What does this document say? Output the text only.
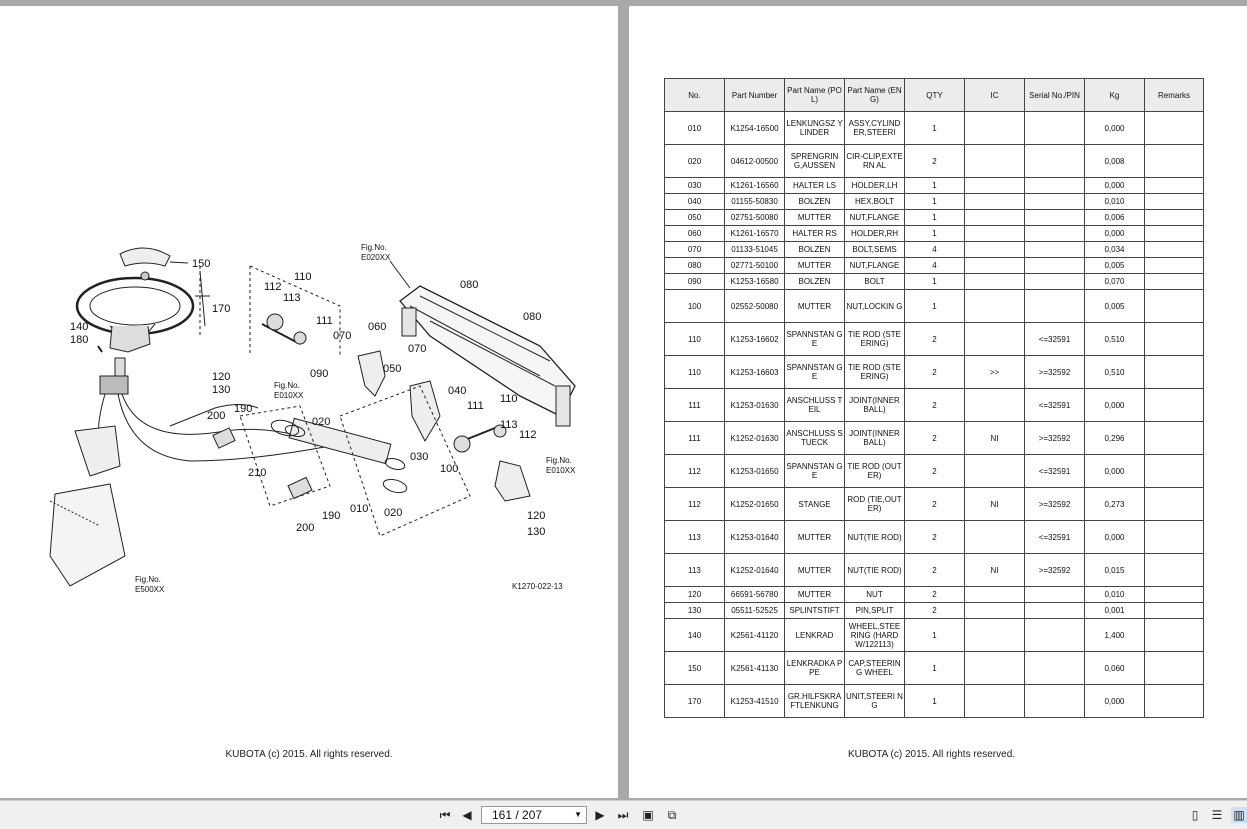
150
170
140
180
110
112
113
111
070
060
080
080
090	050
070
120
130
200
190
020
040
111
110
113
112
030
100
210
200
190
010 020	120
130
Fig.No.
E020XX
Fig.No.
E010XX
Fig.No.
E010XX
Fig.No.
E500XX	K1270-022-13
KUBOTA (c) 2015. All rights reserved.
No.	Part Number	Part Name (POL)	Part Name (ENG)	QTY	IC	Serial No./PIN	Kg	Remarks
010	K1254-16500	LENKUNGSZ YLINDER	ASSY,CYLIND ER,STEERI	1			0,000	
020	04612-00500	SPRENGRIN G,AUSSEN	CIR-CLIP,EXTERN AL	2			0,008	
030	K1261-16560	HALTER LS	HOLDER,LH	1			0,000	
040	01155-50830	BOLZEN	HEX.BOLT	1			0,010	
050	02751-50080	MUTTER	NUT,FLANGE	1			0,006	
060	K1261-16570	HALTER RS	HOLDER,RH	1			0,000	
070	01133-51045	BOLZEN	BOLT,SEMS	4			0,034	
080	02771-50100	MUTTER	NUT,FLANGE	4			0,005	
090	K1253-16580	BOLZEN	BOLT	1			0,070	
100	02552-50080	MUTTER	NUT,LOCKIN G	1			0,005	
110	K1253-16602	SPANNSTAN GE	TIE ROD (STEERING)	2		<=32591	0,510	
110	K1253-16603	SPANNSTAN GE	TIE ROD (STEERING)	2	>>	>=32592	0,510	
111	K1253-01630	ANSCHLUSS TEIL	JOINT(INNER BALL)	2		<=32591	0,000	
111	K1252-01630	ANSCHLUSS STUECK	JOINT(INNER BALL)	2	NI	>=32592	0,296	
112	K1253-01650	SPANNSTAN GE	TIE ROD (OUTER)	2		<=32591	0,000	
112	K1252-01650	STANGE	ROD (TIE,OUTER)	2	NI	>=32592	0,273	
113	K1253-01640	MUTTER	NUT(TIE ROD)	2		<=32591	0,000	
113	K1252-01640	MUTTER	NUT(TIE ROD)	2	NI	>=32592	0,015	
120	66591-56780	MUTTER	NUT	2			0,010	
130	05511-52525	SPLINTSTIFT	PIN,SPLIT	2			0,001	
140	K2561-41120	LENKRAD	WHEEL,STEE RING (HARD W/122113)	1			1,400	
150	K2561-41130	LENKRADKA PPE	CAP,STEERIN G WHEEL	1			0,060	
170	K1253-41510	GR.HILFSKRA FTLENKUNG	UNIT,STEERI NG	1			0,000	
KUBOTA (c) 2015. All rights reserved.
⏮ ◀ 161 / 207	▼ ▶ ⏭ ▣	⧉	▯	☰ ▥
